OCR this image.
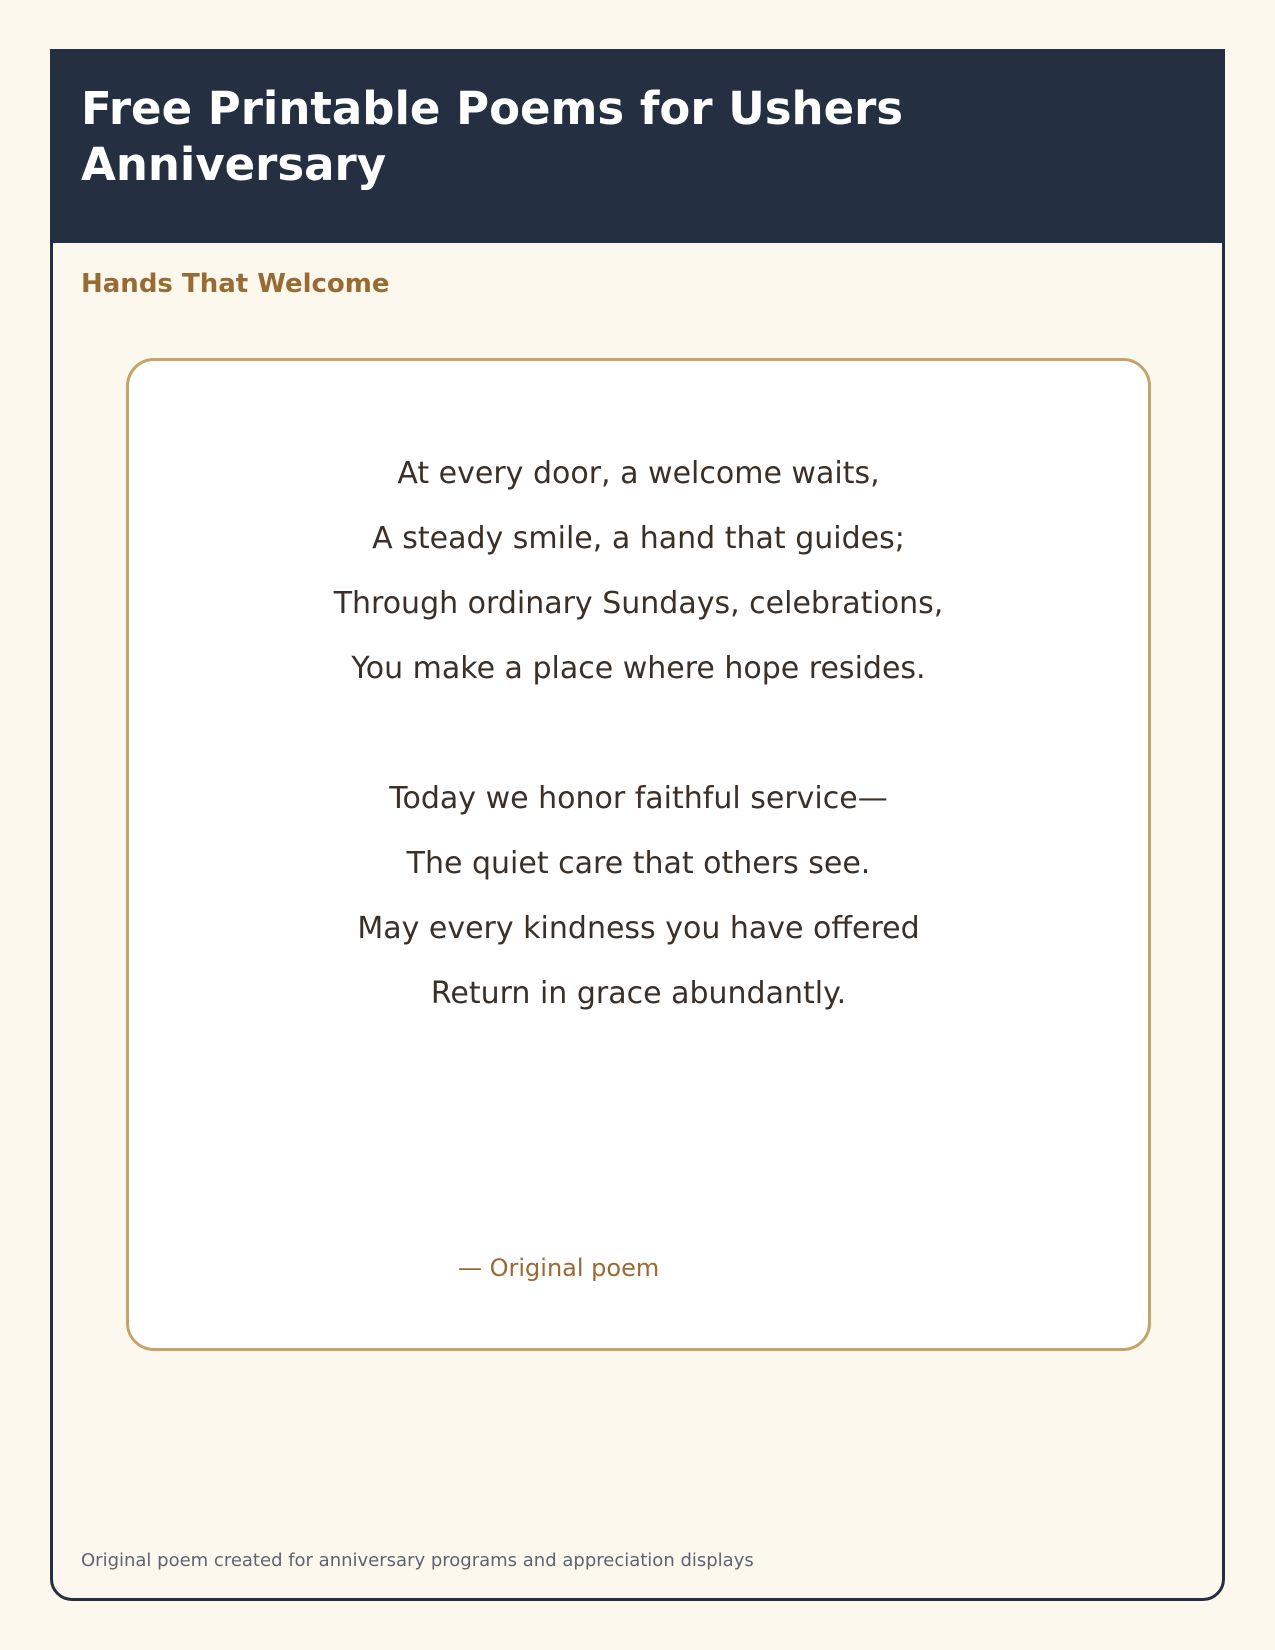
Free Printable Poems for Ushers Anniversary
Hands That Welcome
At every door, a welcome waits,
A steady smile, a hand that guides;
Through ordinary Sundays, celebrations,
You make a place where hope resides.
Today we honor faithful service—
The quiet care that others see.
May every kindness you have offered
Return in grace abundantly.
— Original poem
Original poem created for anniversary programs and appreciation displays
